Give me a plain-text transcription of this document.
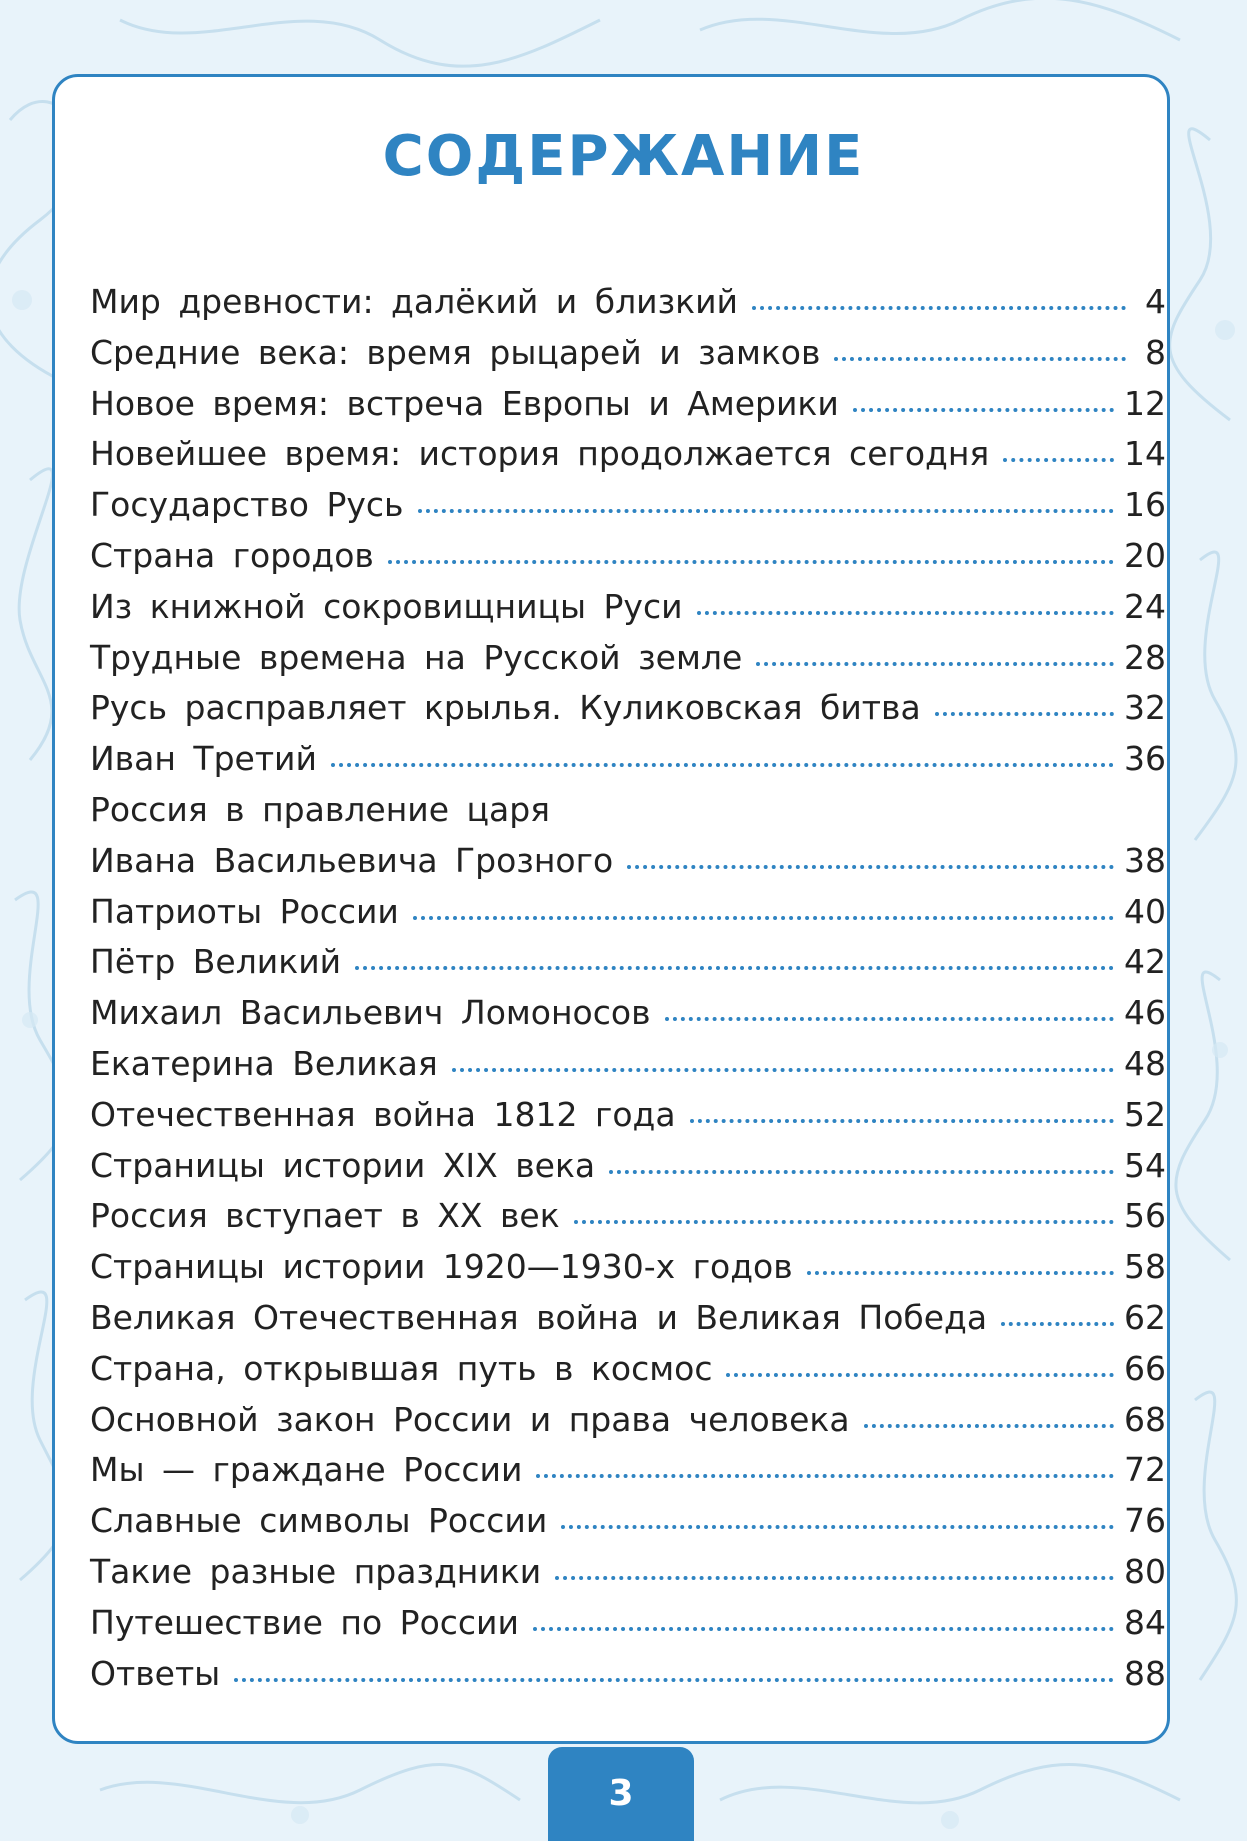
СОДЕРЖАНИЕ
Мир древности: далёкий и близкий	4
Средние века: время рыцарей и замков	8
Новое время: встреча Европы и Америки	12
Новейшее время: история продолжается сегодня	14
Государство Русь	16
Страна городов	20
Из книжной сокровищницы Руси	24
Трудные времена на Русской земле	28
Русь расправляет крылья. Куликовская битва	32
Иван Третий	36
Россия в правление царя
Ивана Васильевича Грозного	38
Патриоты России	40
Пётр Великий	42
Михаил Васильевич Ломоносов	46
Екатерина Великая	48
Отечественная война 1812 года	52
Страницы истории XIX века	54
Россия вступает в XX век	56
Страницы истории 1920—1930-х годов	58
Великая Отечественная война и Великая Победа	62
Страна, открывшая путь в космос	66
Основной закон России и права человека	68
Мы — граждане России	72
Славные символы России	76
Такие разные праздники	80
Путешествие по России	84
Ответы	88
3
